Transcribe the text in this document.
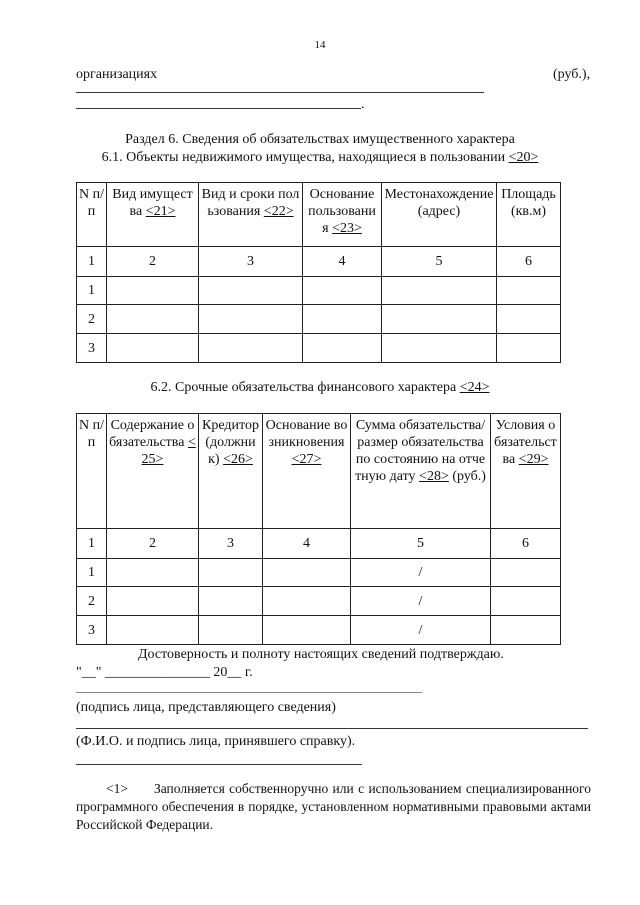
14
организациях	(руб.),
.
Раздел 6. Сведения об обязательствах имущественного характера
6.1. Объекты недвижимого имущества, находящиеся в пользовании <20>
N п/п	Вид имущества <21>	Вид и сроки пользования <22>	Основание пользования <23>	Местонахождение (адрес)	Площадь (кв.м)
1	2	3	4	5	6
1					
2					
3					
6.2. Срочные обязательства финансового характера <24>
N п/п	Содержание обязательства <25>	Кредитор (должник) <26>	Основание возникновения <27>	Сумма обязательства/размер обязательства по состоянию на отчетную дату <28> (руб.)	Условия обязательства <29>
1	2	3	4	5	6
1				/	
2				/	
3				/	
Достоверность и полноту настоящих сведений подтверждаю.
"__" _______________ 20__ г.
(подпись лица, представляющего сведения)
(Ф.И.О. и подпись лица, принявшего справку).
<1> Заполняется собственноручно или с использованием специализированного программного обеспечения в порядке, установленном нормативными правовыми актами Российской Федерации.
